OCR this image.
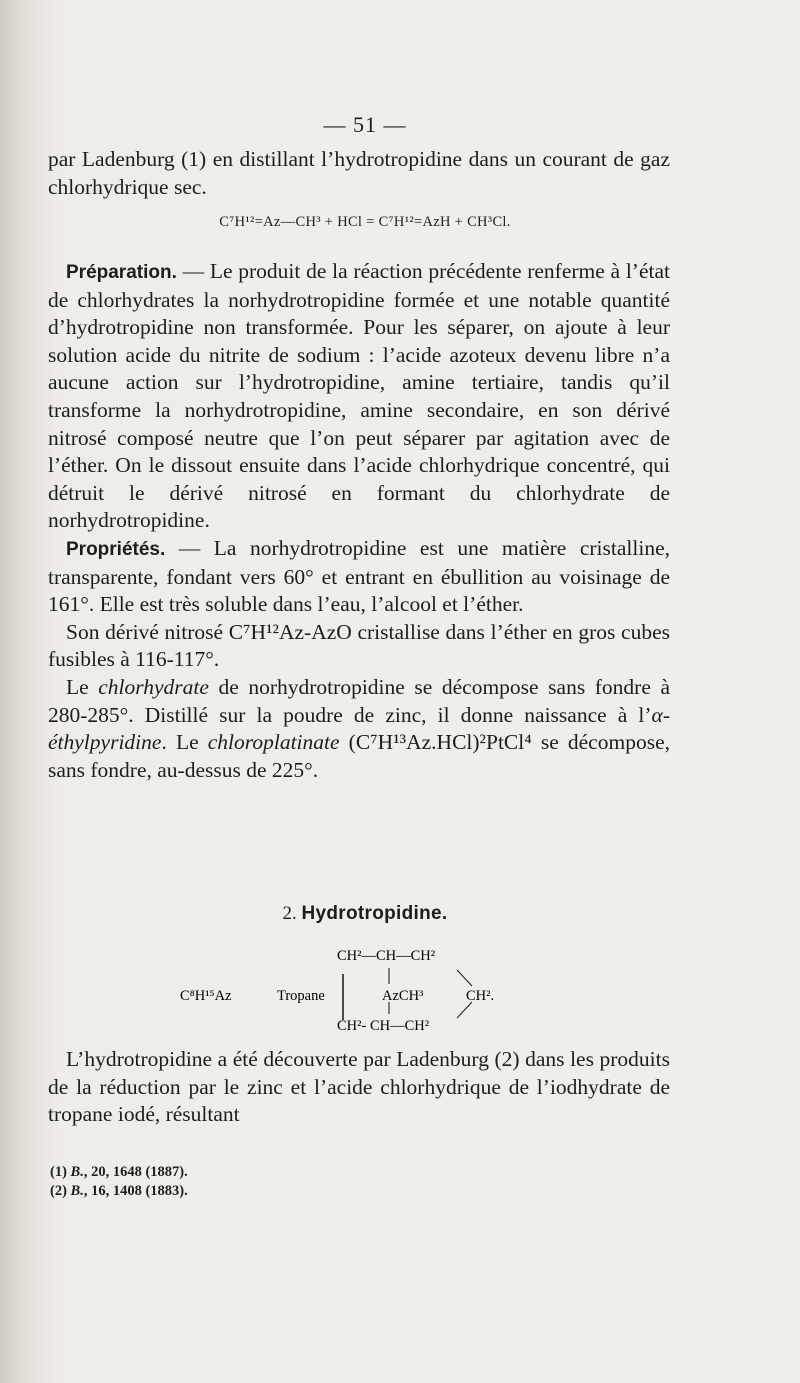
— 51 —

par Ladenburg (1) en distillant l’hydrotropidine dans un courant de gaz chlorhydrique sec.

C⁷H¹²=Az—CH³ + HCl = C⁷H¹²=AzH + CH³Cl.

Préparation. — Le produit de la réaction précédente renferme à l’état de chlorhydrates la norhydrotropidine formée et une notable quantité d’hydrotropidine non transformée. Pour les séparer, on ajoute à leur solution acide du nitrite de sodium : l’acide azoteux devenu libre n’a aucune action sur l’hydrotropidine, amine tertiaire, tandis qu’il transforme la norhydrotropidine, amine secondaire, en son dérivé nitrosé composé neutre que l’on peut séparer par agitation avec de l’éther. On le dissout ensuite dans l’acide chlorhydrique concentré, qui détruit le dérivé nitrosé en formant du chlorhydrate de norhydrotropidine.

Propriétés. — La norhydrotropidine est une matière cristalline, transparente, fondant vers 60° et entrant en ébullition au voisinage de 161°. Elle est très soluble dans l’eau, l’alcool et l’éther.

Son dérivé nitrosé C⁷H¹²Az-AzO cristallise dans l’éther en gros cubes fusibles à 116-117°.

Le chlorhydrate de norhydrotropidine se décompose sans fondre à 280-285°. Distillé sur la poudre de zinc, il donne naissance à l’α-éthylpyridine. Le chloroplatinate (C⁷H¹³Az.HCl)²PtCl⁴ se décompose, sans fondre, au-dessus de 225°.

2. Hydrotropidine.
CH²—CH—CH²
C⁸H¹⁵Az	Tropane	AzCH³	CH².
CH²- CH—CH²

L’hydrotropidine a été découverte par Ladenburg (2) dans les produits de la réduction par le zinc et l’acide chlorhydrique de l’iodhydrate de tropane iodé, résultant

(1) B., 20, 1648 (1887).
(2) B., 16, 1408 (1883).
